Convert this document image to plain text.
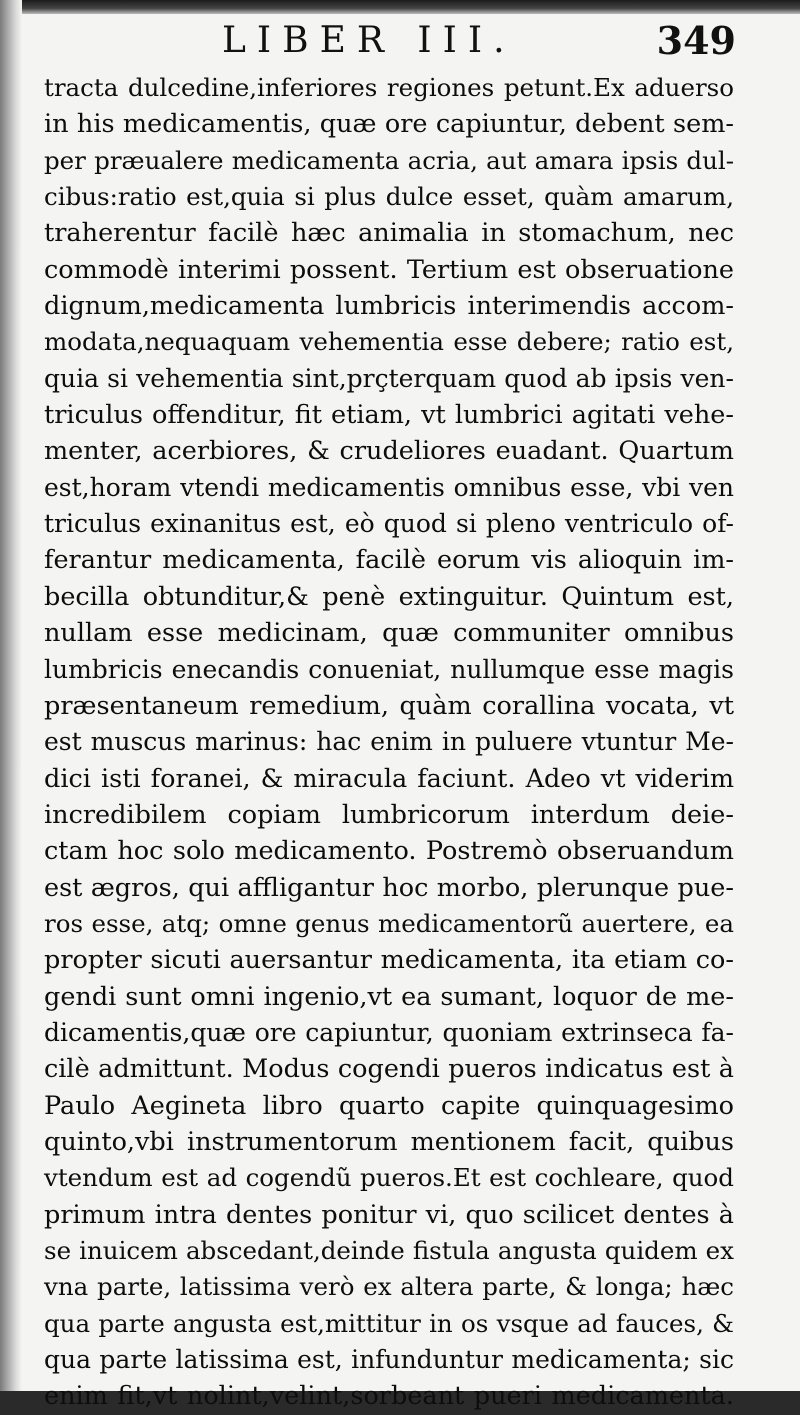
LIBER III.	349
tracta dulcedine,inferiores regiones petunt.Ex aduerso
in his medicamentis, quæ ore capiuntur, debent sem-
per præualere medicamenta acria, aut amara ipsis dul-
cibus:ratio est,quia si plus dulce esset, quàm amarum,
traherentur facilè hæc animalia in stomachum, nec
commodè interimi possent. Tertium est obseruatione
dignum,medicamenta lumbricis interimendis accom-
modata,nequaquam vehementia esse debere; ratio est,
quia si vehementia sint,prçterquam quod ab ipsis ven-
triculus offenditur, fit etiam, vt lumbrici agitati vehe-
menter, acerbiores, & crudeliores euadant. Quartum
est,horam vtendi medicamentis omnibus esse, vbi ven
triculus exinanitus est, eò quod si pleno ventriculo of-
ferantur medicamenta, facilè eorum vis alioquin im-
becilla obtunditur,& penè extinguitur. Quintum est,
nullam esse medicinam, quæ communiter omnibus
lumbricis enecandis conueniat, nullumque esse magis
præsentaneum remedium, quàm corallina vocata, vt
est muscus marinus: hac enim in puluere vtuntur Me-
dici isti foranei, & miracula faciunt. Adeo vt viderim
incredibilem copiam lumbricorum interdum deie-
ctam hoc solo medicamento. Postremò obseruandum
est ægros, qui affligantur hoc morbo, plerunque pue-
ros esse, atq; omne genus medicamentorũ auertere, ea
propter sicuti auersantur medicamenta, ita etiam co-
gendi sunt omni ingenio,vt ea sumant, loquor de me-
dicamentis,quæ ore capiuntur, quoniam extrinseca fa-
cilè admittunt. Modus cogendi pueros indicatus est à
Paulo Aegineta libro quarto capite quinquagesimo
quinto,vbi instrumentorum mentionem facit, quibus
vtendum est ad cogendũ pueros.Et est cochleare, quod
primum intra dentes ponitur vi, quo scilicet dentes à
se inuicem abscedant,deinde fistula angusta quidem ex
vna parte, latissima verò ex altera parte, & longa; hæc
qua parte angusta est,mittitur in os vsque ad fauces, &
qua parte latissima est, infunduntur medicamenta; sic
enim fit,vt nolint,velint,sorbeant pueri medicamenta.
